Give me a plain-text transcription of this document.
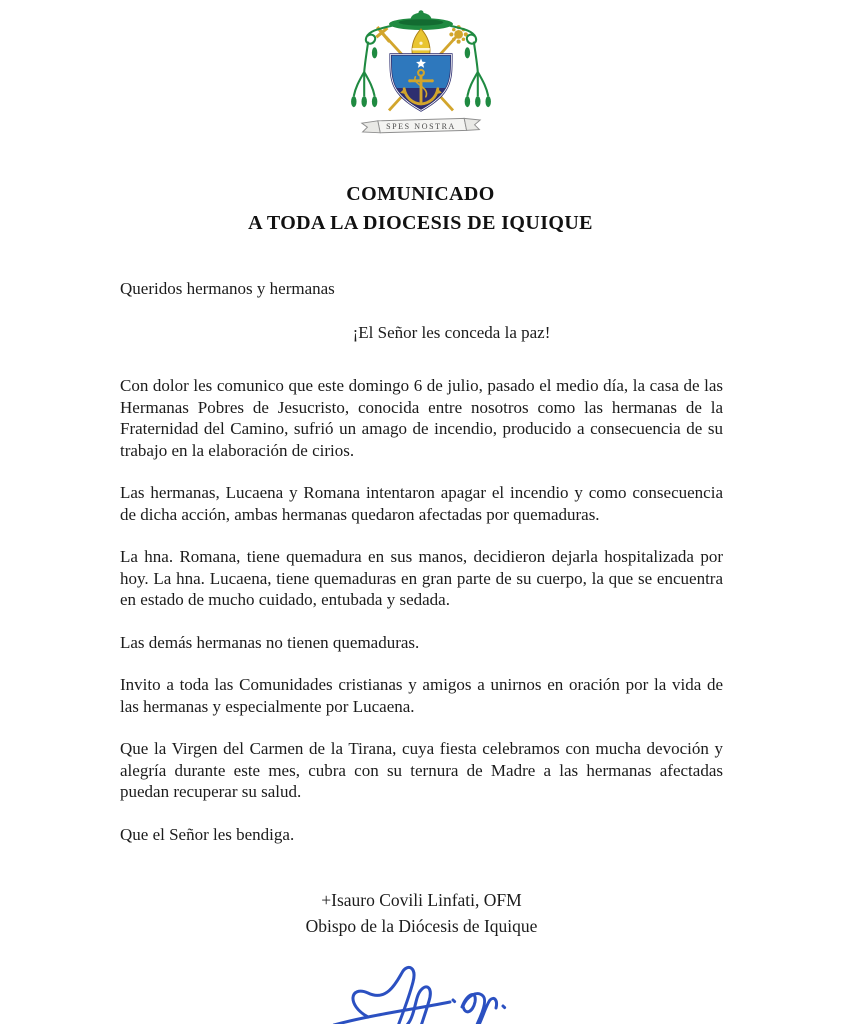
SPES NOSTRA
COMUNICADO
A TODA LA DIOCESIS DE IQUIQUE

Queridos hermanos y hermanas

¡El Señor les conceda la paz!

Con dolor les comunico que este domingo 6 de julio, pasado el medio día, la casa de las Hermanas Pobres de Jesucristo, conocida entre nosotros como las hermanas de la Fraternidad del Camino, sufrió un amago de incendio, producido a consecuencia de su trabajo en la elaboración de cirios.

Las hermanas, Lucaena y Romana intentaron apagar el incendio y como consecuencia de dicha acción, ambas hermanas quedaron afectadas por quemaduras.

La hna. Romana, tiene quemadura en sus manos, decidieron dejarla hospitalizada por hoy. La hna. Lucaena, tiene quemaduras en gran parte de su cuerpo, la que se encuentra en estado de mucho cuidado, entubada y sedada.

Las demás hermanas no tienen quemaduras.

Invito a toda las Comunidades cristianas y amigos a unirnos en oración por la vida de las hermanas y especialmente por Lucaena.

Que la Virgen del Carmen de la Tirana, cuya fiesta celebramos con mucha devoción y alegría durante este mes, cubra con su ternura de Madre a las hermanas afectadas puedan recuperar su salud.

Que el Señor les bendiga.

+Isauro Covili Linfati, OFM
Obispo de la Diócesis de Iquique
